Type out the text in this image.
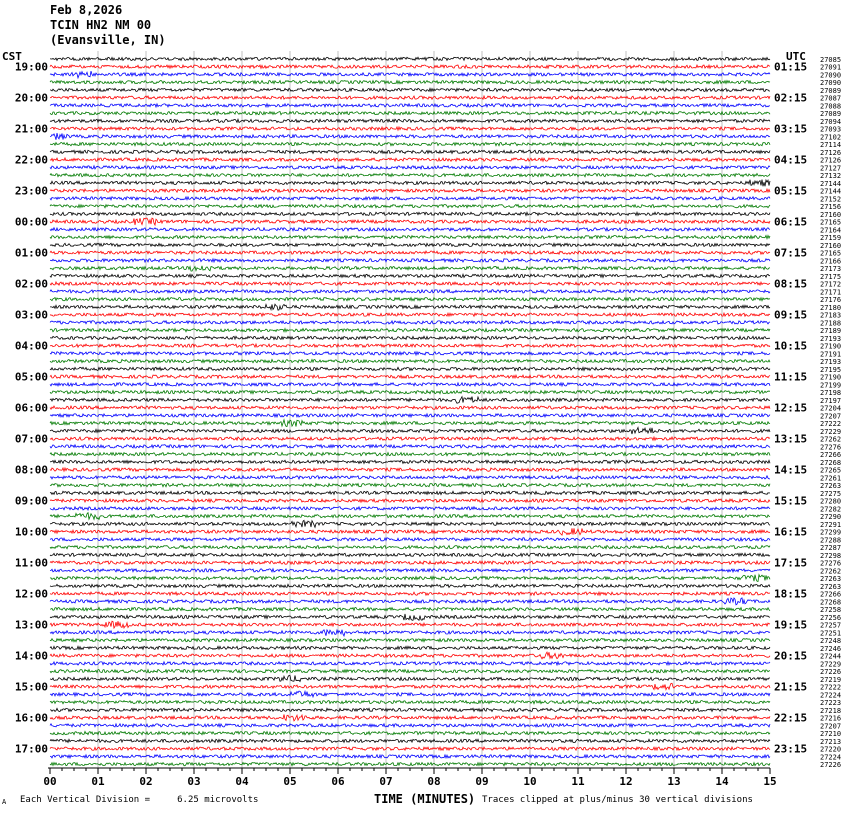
Feb 8,2026
TCIN HN2 NM 00
(Evansville, IN)
00	01	02	03	04	05	06	07	08	09	10	11	12	13	14	15
CST	UTC
19:00
20:00
21:00
22:00
23:00
00:00
01:00
02:00
03:00
04:00
05:00
06:00
07:00
08:00
09:00
10:00
11:00
12:00
13:00
14:00
15:00
16:00
17:00
01:15
02:15
03:15
04:15
05:15
06:15
07:15
08:15
09:15
10:15
11:15
12:15
13:15
14:15
15:15
16:15
17:15
18:15
19:15
20:15
21:15
22:15
23:15
27085
27091
27090
27090
27089
27087
27088
27089
27094
27093
27102
27114
27126
27126
27127
27132
27144
27144
27152
27156
27160
27165
27164
27159
27160
27165
27166
27173
27175
27172
27171
27176
27180
27183
27188
27189
27193
27190
27191
27193
27195
27190
27199
27198
27197
27204
27207
27222
27229
27262
27276
27266
27268
27265
27261
27263
27275
27280
27282
27290
27291
27299
27288
27287
27298
27276
27262
27263
27263
27266
27268
27258
27256
27257
27251
27248
27246
27244
27229
27226
27219
27222
27224
27223
27218
27216
27207
27210
27213
27220
27224
27226
A Each Vertical Division =     6.25 microvolts	TIME (MINUTES) Traces clipped at plus/minus 30 vertical divisions
